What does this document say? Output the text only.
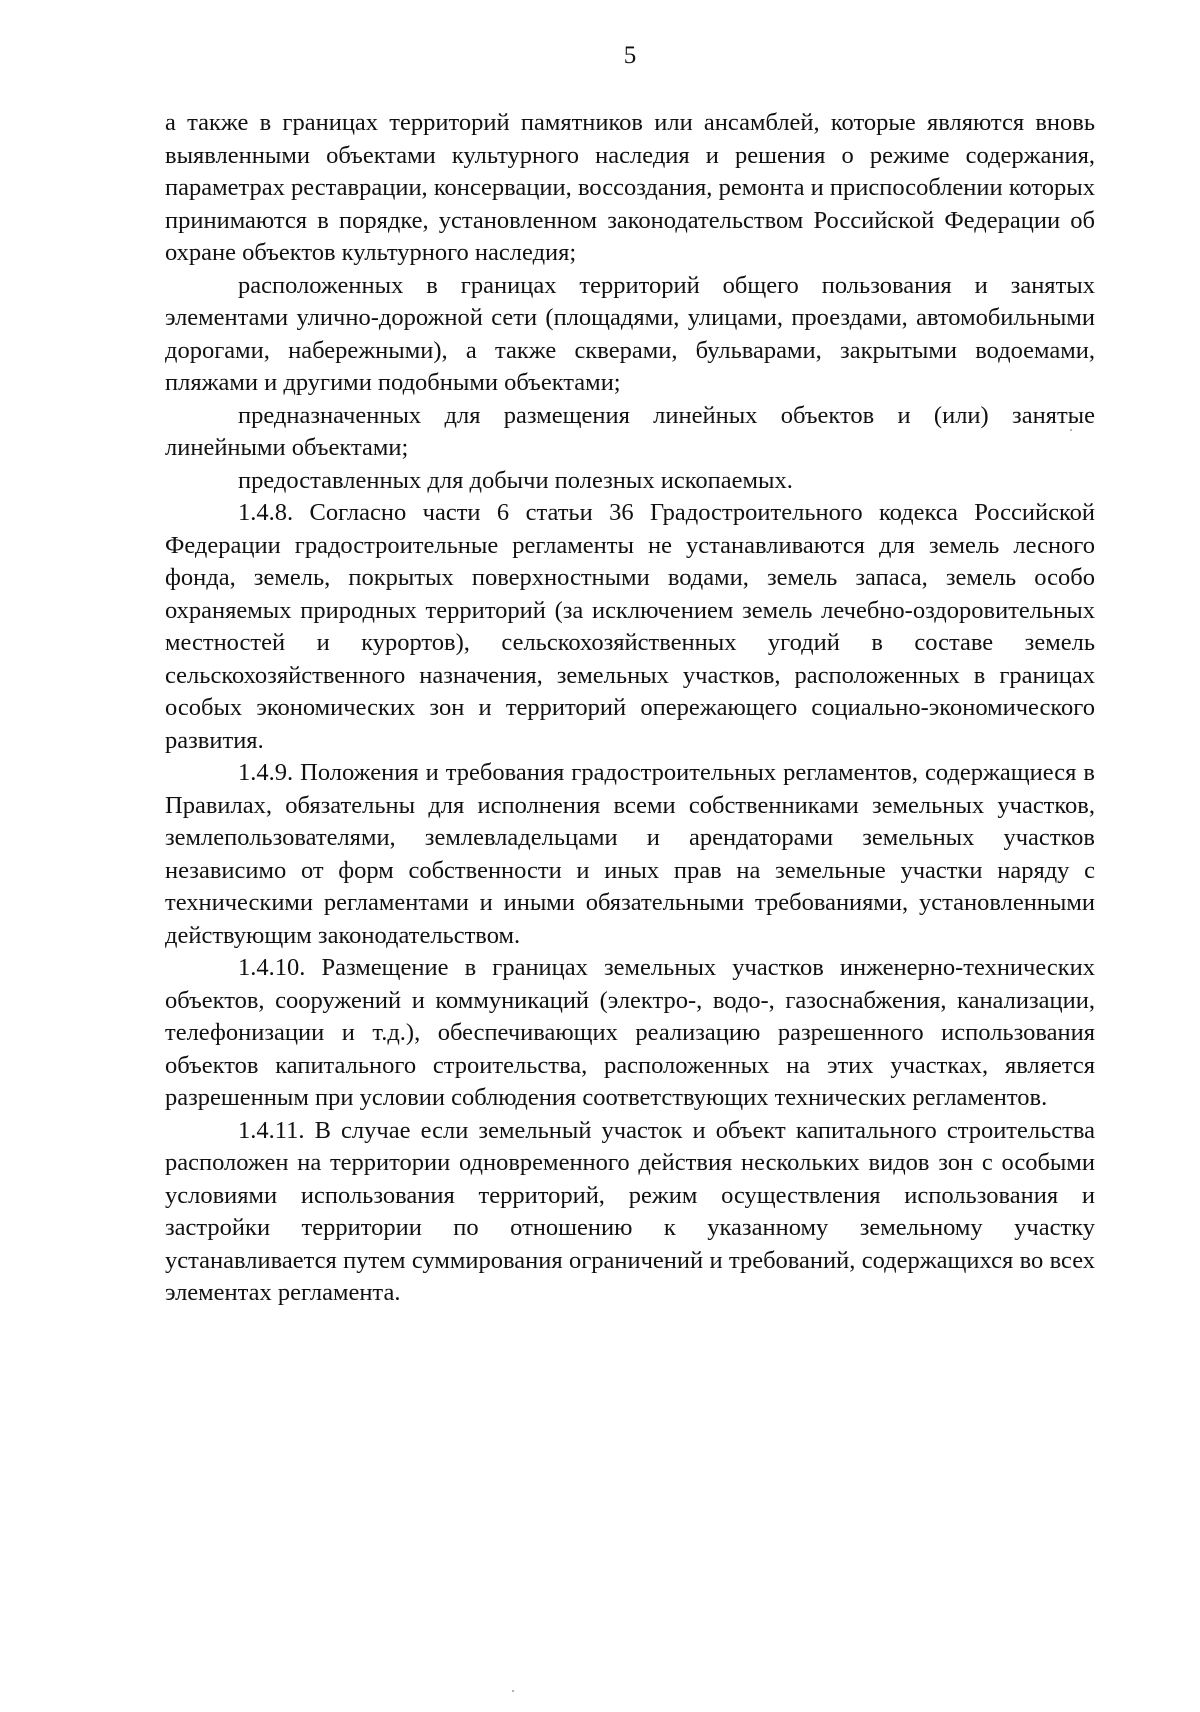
5

а также в границах территорий памятников или ансамблей, которые являются вновь выявленными объектами культурного наследия и решения о режиме содержания, параметрах реставрации, консервации, воссоздания, ремонта и приспособлении которых принимаются в порядке, установленном законодательством Российской Федерации об охране объектов культурного наследия;

расположенных в границах территорий общего пользования и занятых элементами улично-дорожной сети (площадями, улицами, проездами, автомобильными дорогами, набережными), а также скверами, бульварами, закрытыми водоемами, пляжами и другими подобными объектами;

предназначенных для размещения линейных объектов и (или) занятые линейными объектами;

предоставленных для добычи полезных ископаемых.

1.4.8. Согласно части 6 статьи 36 Градостроительного кодекса Российской Федерации градостроительные регламенты не устанавливаются для земель лесного фонда, земель, покрытых поверхностными водами, земель запаса, земель особо охраняемых природных территорий (за исключением земель лечебно-оздоровительных местностей и курортов), сельскохозяйственных угодий в составе земель сельскохозяйственного назначения, земельных участков, расположенных в границах особых экономических зон и территорий опережающего социально-экономического развития.

1.4.9. Положения и требования градостроительных регламентов, содержащиеся в Правилах, обязательны для исполнения всеми собственниками земельных участков, землепользователями, землевладельцами и арендаторами земельных участков независимо от форм собственности и иных прав на земельные участки наряду с техническими регламентами и иными обязательными требованиями, установленными действующим законодательством.

1.4.10. Размещение в границах земельных участков инженерно-технических объектов, сооружений и коммуникаций (электро-, водо-, газоснабжения, канализации, телефонизации и т.д.), обеспечивающих реализацию разрешенного использования объектов капитального строительства, расположенных на этих участках, является разрешенным при условии соблюдения соответствующих технических регламентов.

1.4.11. В случае если земельный участок и объект капитального строительства расположен на территории одновременного действия нескольких видов зон с особыми условиями использования территорий, режим осуществления использования и застройки территории по отношению к указанному земельному участку устанавливается путем суммирования ограничений и требований, содержащихся во всех элементах регламента.
